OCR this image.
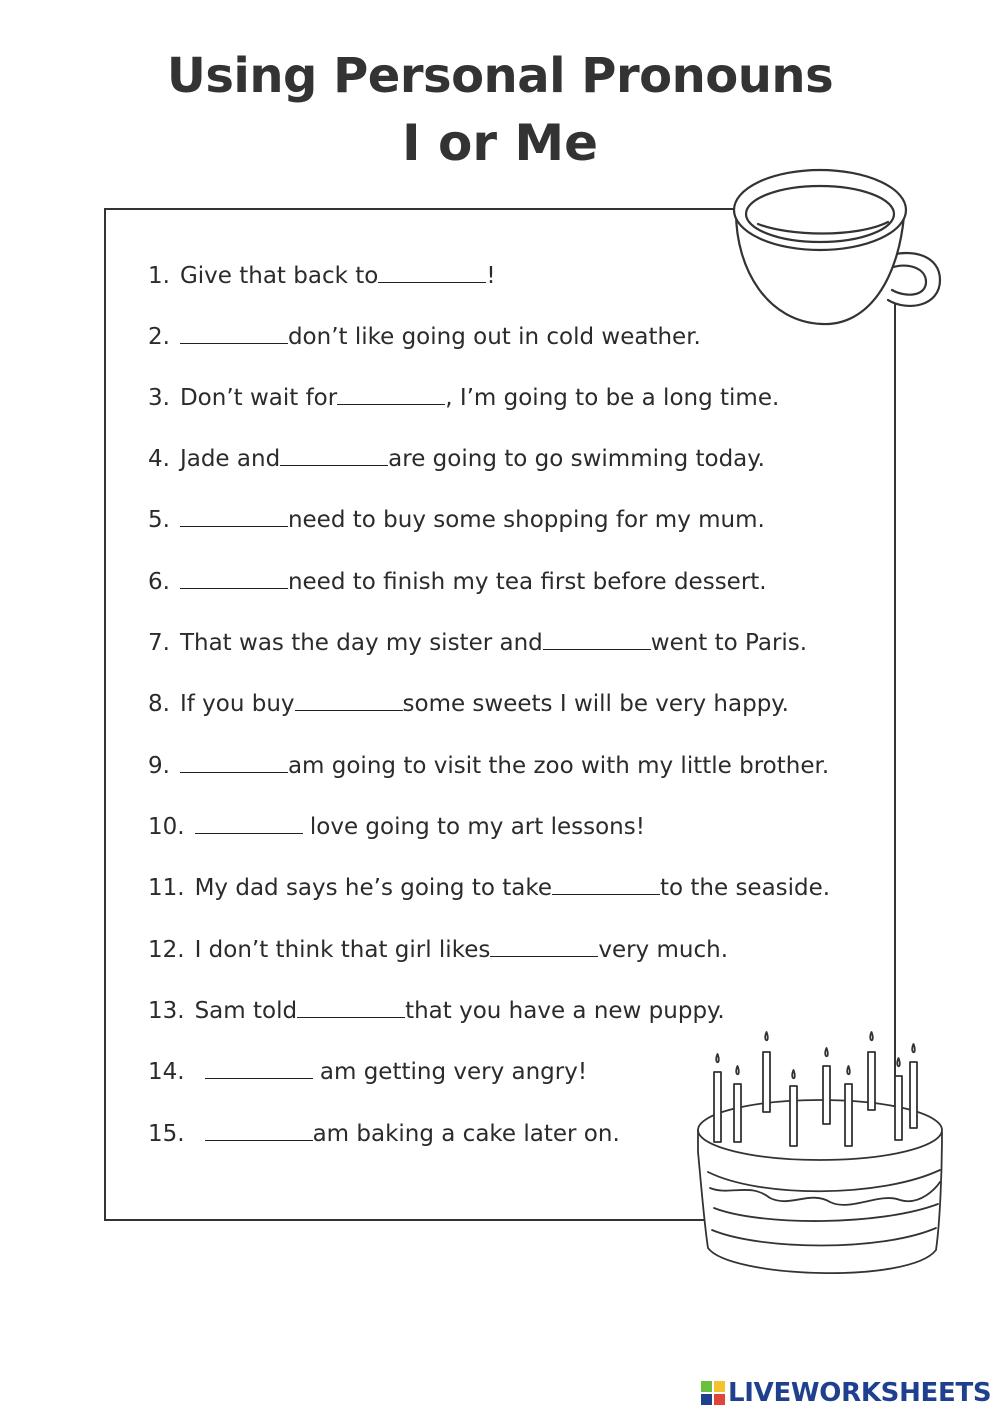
Using Personal Pronouns
I or Me
1. Give that back to	!
2.	don’t like going out in cold weather.
3. Don’t wait for	, I’m going to be a long time.
4. Jade and	are going to go swimming today.
5.	need to buy some shopping for my mum.
6.	need to finish my tea first before dessert.
7. That was the day my sister and	went to Paris.
8. If you buy	some sweets I will be very happy.
9.	am going to visit the zoo with my little brother.
10.	love going to my art lessons!
11. My dad says he’s going to take	to the seaside.
12. I don’t think that girl likes	very much.
13. Sam told	that you have a new puppy.
14.	am getting very angry!
15.	am baking a cake later on.
LIVEWORKSHEETS
